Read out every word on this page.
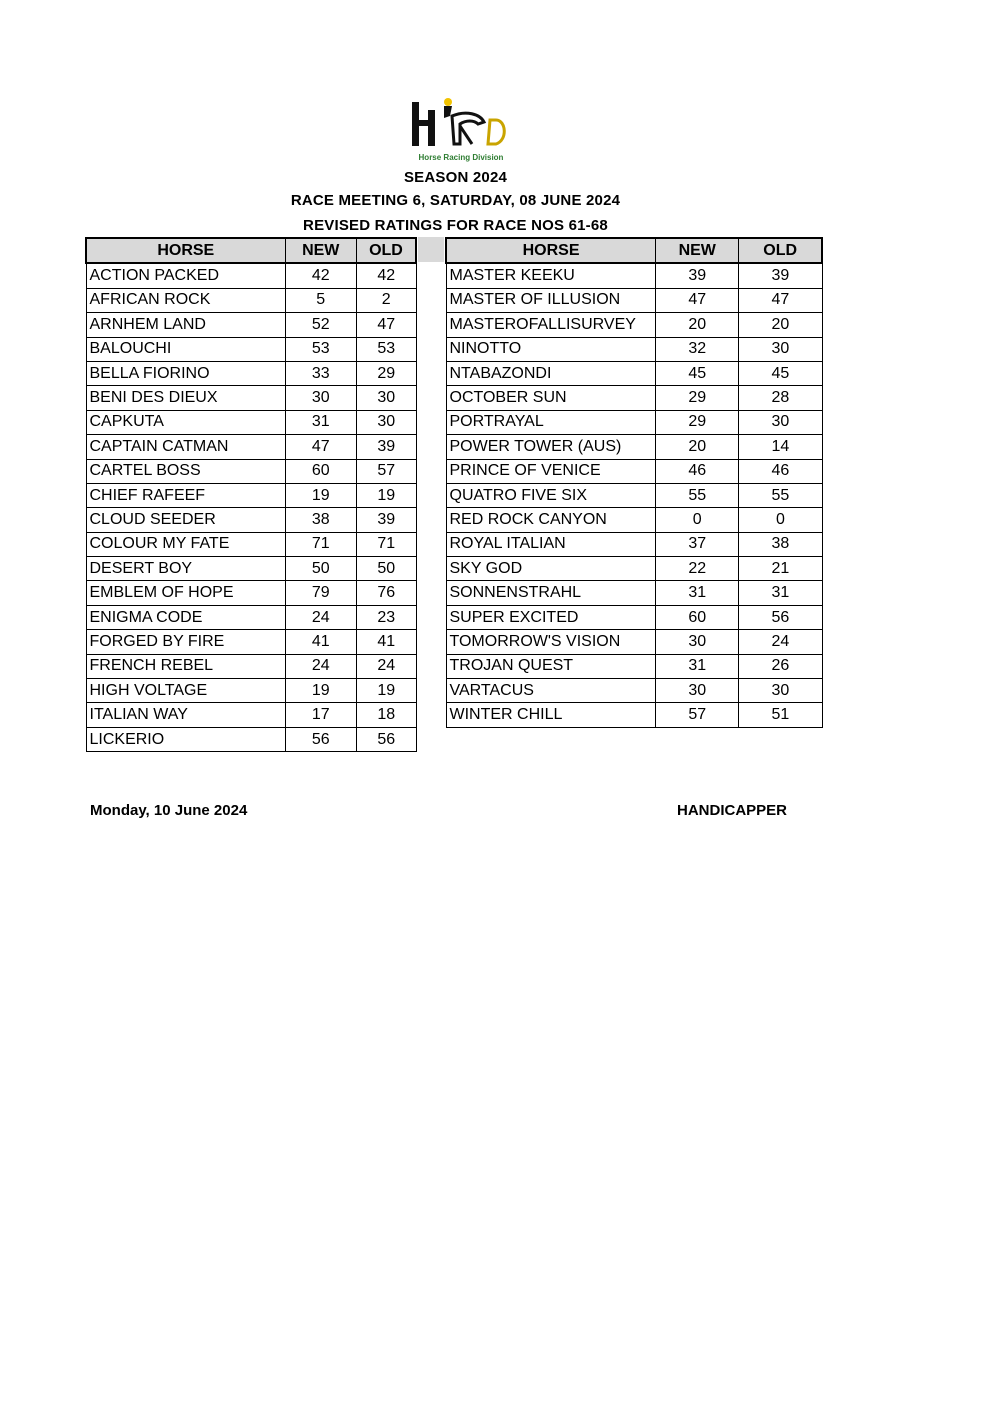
Horse Racing Division
SEASON 2024
RACE MEETING 6, SATURDAY, 08 JUNE 2024
REVISED RATINGS FOR RACE NOS 61-68
HORSE	NEW	OLD
ACTION PACKED	42	42
AFRICAN ROCK	5	2
ARNHEM LAND	52	47
BALOUCHI	53	53
BELLA FIORINO	33	29
BENI DES DIEUX	30	30
CAPKUTA	31	30
CAPTAIN CATMAN	47	39
CARTEL BOSS	60	57
CHIEF RAFEEF	19	19
CLOUD SEEDER	38	39
COLOUR MY FATE	71	71
DESERT BOY	50	50
EMBLEM OF HOPE	79	76
ENIGMA CODE	24	23
FORGED BY FIRE	41	41
FRENCH REBEL	24	24
HIGH VOLTAGE	19	19
ITALIAN WAY	17	18
LICKERIO	56	56
HORSE	NEW	OLD
MASTER KEEKU	39	39
MASTER OF ILLUSION	47	47
MASTEROFALLISURVEY	20	20
NINOTTO	32	30
NTABAZONDI	45	45
OCTOBER SUN	29	28
PORTRAYAL	29	30
POWER TOWER (AUS)	20	14
PRINCE OF VENICE	46	46
QUATRO FIVE SIX	55	55
RED ROCK CANYON	0	0
ROYAL ITALIAN	37	38
SKY GOD	22	21
SONNENSTRAHL	31	31
SUPER EXCITED	60	56
TOMORROW'S VISION	30	24
TROJAN QUEST	31	26
VARTACUS	30	30
WINTER CHILL	57	51
Monday, 10 June 2024	HANDICAPPER
